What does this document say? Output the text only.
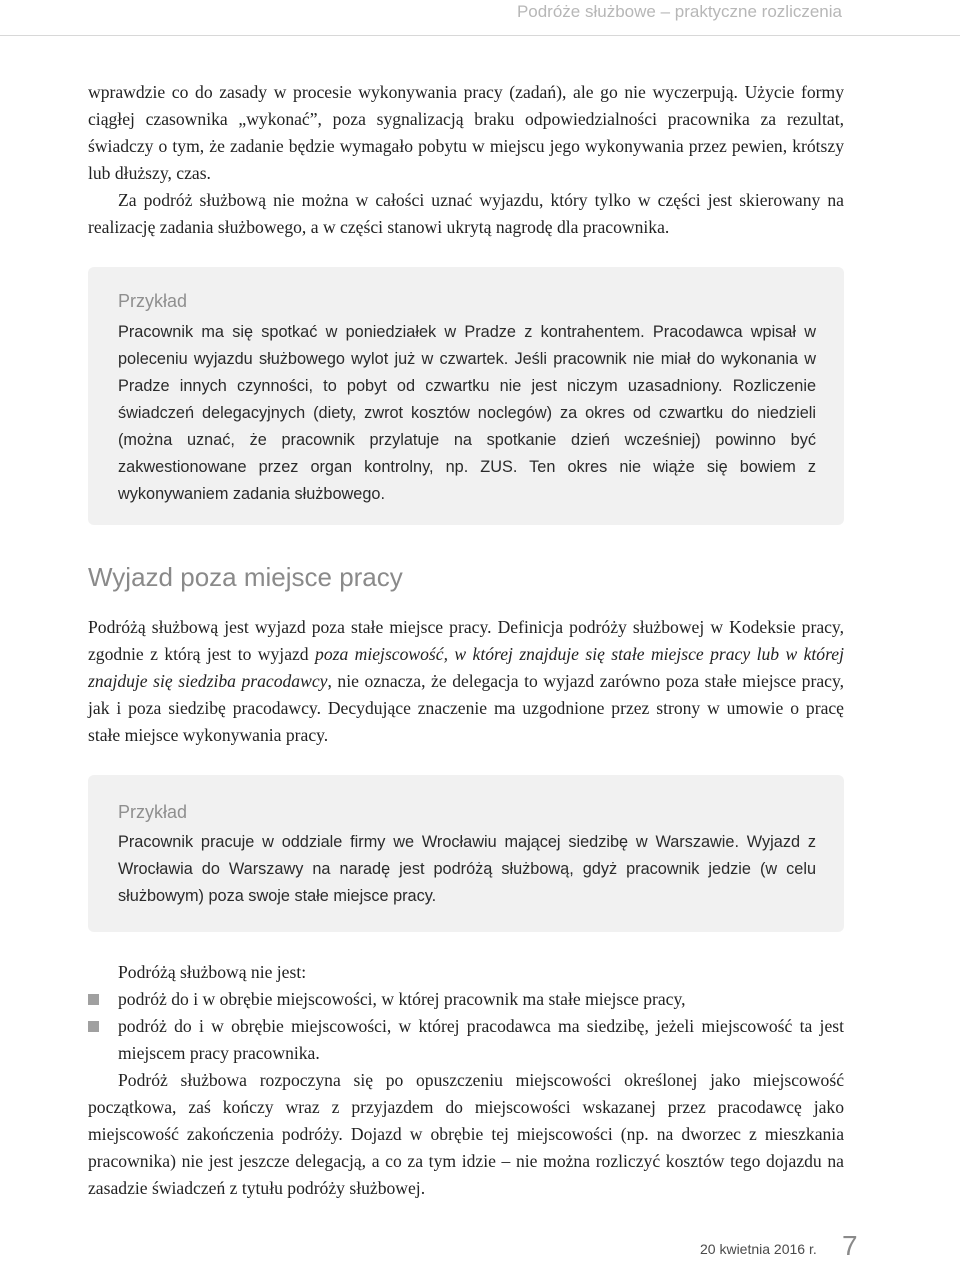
Podróże służbowe – praktyczne rozliczenia

wprawdzie co do zasady w procesie wykonywania pracy (zadań), ale go nie wyczerpują. Użycie formy ciągłej czasownika „wykonać”, poza sygnalizacją braku odpowiedzialności pracownika za rezultat, świadczy o tym, że zadanie będzie wymagało pobytu w miejscu jego wykonywania przez pewien, krótszy lub dłuższy, czas.

Za podróż służbową nie można w całości uznać wyjazdu, który tylko w części jest skierowany na realizację zadania służbowego, a w części stanowi ukrytą nagrodę dla pracownika.

Przykład

Pracownik ma się spotkać w poniedziałek w Pradze z kontrahentem. Pracodawca wpisał w poleceniu wyjazdu służbowego wylot już w czwartek. Jeśli pracownik nie miał do wykonania w Pradze innych czynności, to pobyt od czwartku nie jest niczym uzasadniony. Rozliczenie świadczeń delegacyjnych (diety, zwrot kosztów noclegów) za okres od czwartku do niedzieli (można uznać, że pracownik przylatuje na spotkanie dzień wcześniej) powinno być zakwestionowane przez organ kontrolny, np. ZUS. Ten okres nie wiąże się bowiem z wykonywaniem zadania służbowego.

Wyjazd poza miejsce pracy

Podróżą służbową jest wyjazd poza stałe miejsce pracy. Definicja podróży służbowej w Kodeksie pracy, zgodnie z którą jest to wyjazd poza miejscowość, w której znajduje się stałe miejsce pracy lub w której znajduje się siedziba pracodawcy, nie oznacza, że delegacja to wyjazd zarówno poza stałe miejsce pracy, jak i poza siedzibę pracodawcy. Decydujące znaczenie ma uzgodnione przez strony w umowie o pracę stałe miejsce wykonywania pracy.

Przykład

Pracownik pracuje w oddziale firmy we Wrocławiu mającej siedzibę w Warszawie. Wyjazd z Wrocławia do Warszawy na naradę jest podróżą służbową, gdyż pracownik jedzie (w celu służbowym) poza swoje stałe miejsce pracy.

Podróżą służbową nie jest:

podróż do i w obrębie miejscowości, w której pracownik ma stałe miejsce pracy,
podróż do i w obrębie miejscowości, w której pracodawca ma siedzibę, jeżeli miejscowość ta jest miejscem pracy pracownika.

Podróż służbowa rozpoczyna się po opuszczeniu miejscowości określonej jako miejscowość początkowa, zaś kończy wraz z przyjazdem do miejscowości wskazanej przez pracodawcę jako miejscowość zakończenia podróży. Dojazd w obrębie tej miejscowości (np. na dworzec z mieszkania pracownika) nie jest jeszcze delegacją, a co za tym idzie – nie można rozliczyć kosztów tego dojazdu na zasadzie świadczeń z tytułu podróży służbowej.

20 kwietnia 2016 r. 7
